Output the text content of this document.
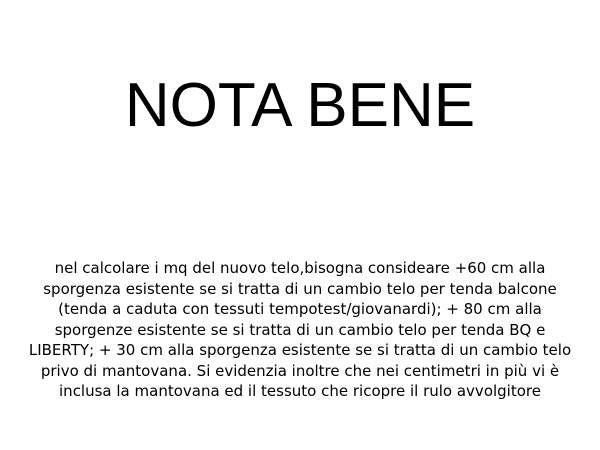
NOTA BENE

nel calcolare i mq del nuovo telo,bisogna consideare +60 cm alla
sporgenza esistente se si tratta di un cambio telo per tenda balcone
(tenda a caduta con tessuti tempotest/giovanardi); + 80 cm alla
sporgenze esistente se si tratta di un cambio telo per tenda BQ e
LIBERTY; + 30 cm alla sporgenza esistente se si tratta di un cambio telo
privo di mantovana. Si evidenzia inoltre che nei centimetri in più vi è
inclusa la mantovana ed il tessuto che ricopre il rulo avvolgitore
